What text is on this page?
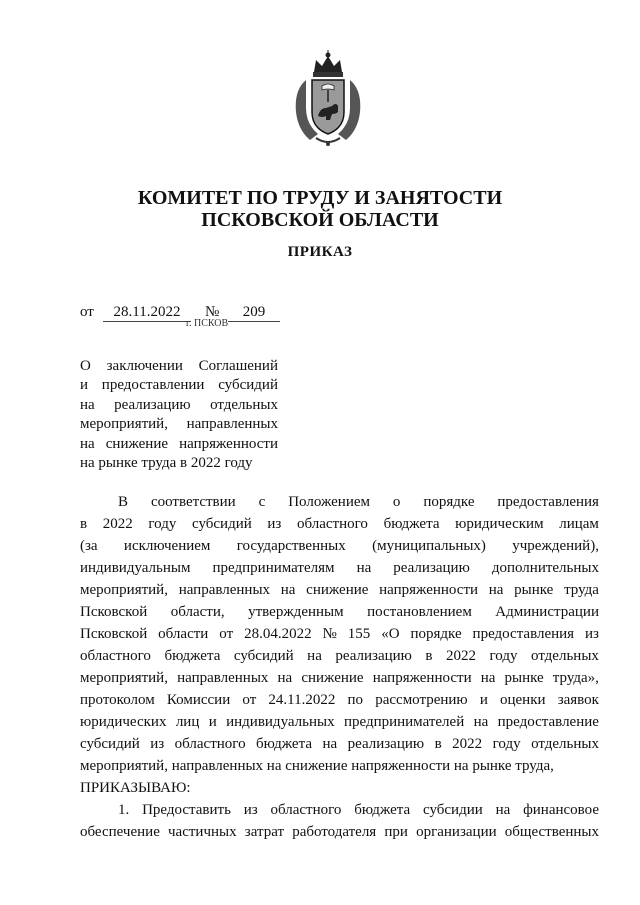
КОМИТЕТ ПО ТРУДУ И ЗАНЯТОСТИ
ПСКОВСКОЙ ОБЛАСТИ
ПРИКАЗ
от	28.11.2022	№	209
г. ПСКОВ
О заключении Соглашений
и предоставлении субсидий
на реализацию отдельных
мероприятий, направленных
на снижение напряженности
на рынке труда в 2022 году
В соответствии с Положением о порядке предоставления
в 2022 году субсидий из областного бюджета юридическим лицам
(за исключением государственных (муниципальных) учреждений),
индивидуальным предпринимателям на реализацию дополнительных
мероприятий, направленных на снижение напряженности на рынке труда
Псковской области, утвержденным постановлением Администрации
Псковской области от 28.04.2022 № 155 «О порядке предоставления из
областного бюджета субсидий на реализацию в 2022 году отдельных
мероприятий, направленных на снижение напряженности на рынке труда»,
протоколом Комиссии от 24.11.2022 по рассмотрению и оценки заявок
юридических лиц и индивидуальных предпринимателей на предоставление
субсидий из областного бюджета на реализацию в 2022 году отдельных
мероприятий, направленных на снижение напряженности на рынке труда,
ПРИКАЗЫВАЮ:
1. Предоставить из областного бюджета субсидии на финансовое
обеспечение частичных затрат работодателя при организации общественных
